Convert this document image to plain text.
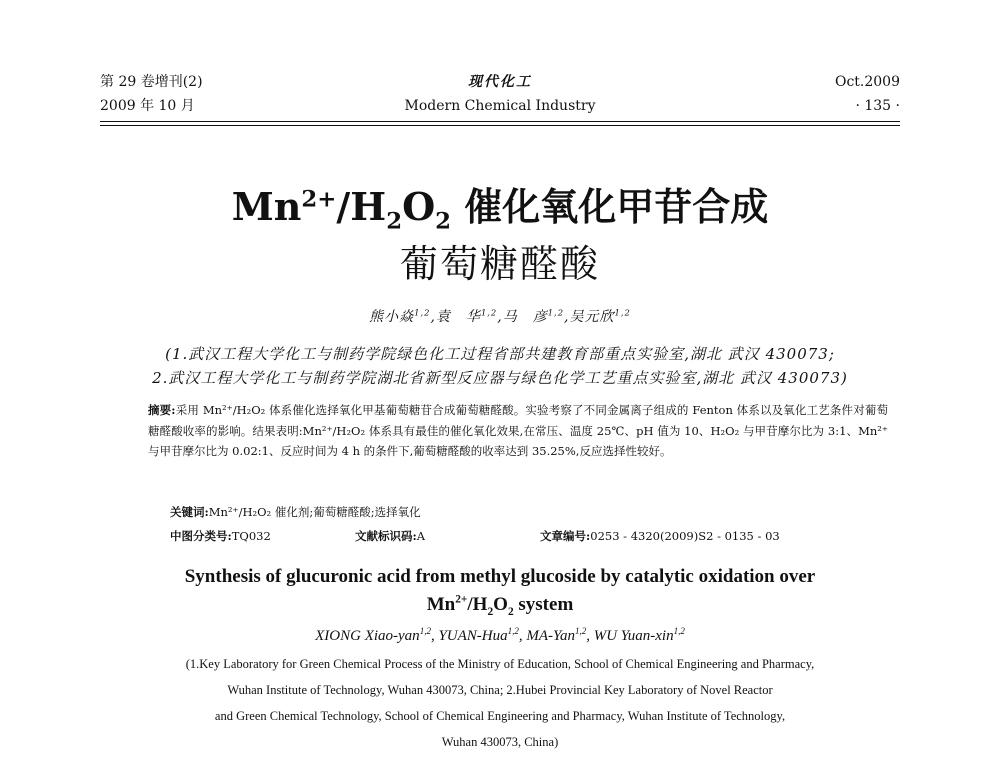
第 29 卷增刊(2)
2009 年 10 月
现代化工
Modern Chemical Industry
Oct.2009
· 135 ·
$Mn^{2+}/H_2O_2$ 催化氧化甲苷合成
葡萄糖醛酸
熊小焱$^{1,2}$,袁　华$^{1,2}$,马　彦$^{1,2}$,吴元欣$^{1,2}$
(1.武汉工程大学化工与制药学院绿色化工过程省部共建教育部重点实验室,湖北 武汉 430073;
2.武汉工程大学化工与制药学院湖北省新型反应器与绿色化学工艺重点实验室,湖北 武汉 430073)
摘要:采用 Mn²⁺/H₂O₂ 体系催化选择氧化甲基葡萄糖苷合成葡萄糖醛酸。实验考察了不同金属离子组成的 Fenton 体系以及氧化工艺条件对葡萄糖醛酸收率的影响。结果表明:Mn²⁺/H₂O₂ 体系具有最佳的催化氧化效果,在常压、温度 25℃、pH 值为 10、H₂O₂ 与甲苷摩尔比为 3:1、Mn²⁺ 与甲苷摩尔比为 0.02:1、反应时间为 4 h 的条件下,葡萄糖醛酸的收率达到 35.25%,反应选择性较好。
关键词:Mn²⁺/H₂O₂ 催化剂;葡萄糖醛酸;选择氧化
中图分类号:TQ032	文献标识码:A	文章编号:0253 - 4320(2009)S2 - 0135 - 03
Synthesis of glucuronic acid from methyl glucoside by catalytic oxidation over
$Mn^{2+}/H_2O_2$ system
XIONG Xiao-yan$^{1,2}$, YUAN-Hua$^{1,2}$, MA-Yan$^{1,2}$, WU Yuan-xin$^{1,2}$
(1.Key Laboratory for Green Chemical Process of the Ministry of Education, School of Chemical Engineering and Pharmacy,
Wuhan Institute of Technology, Wuhan 430073, China; 2.Hubei Provincial Key Laboratory of Novel Reactor
and Green Chemical Technology, School of Chemical Engineering and Pharmacy, Wuhan Institute of Technology,
Wuhan 430073, China)
